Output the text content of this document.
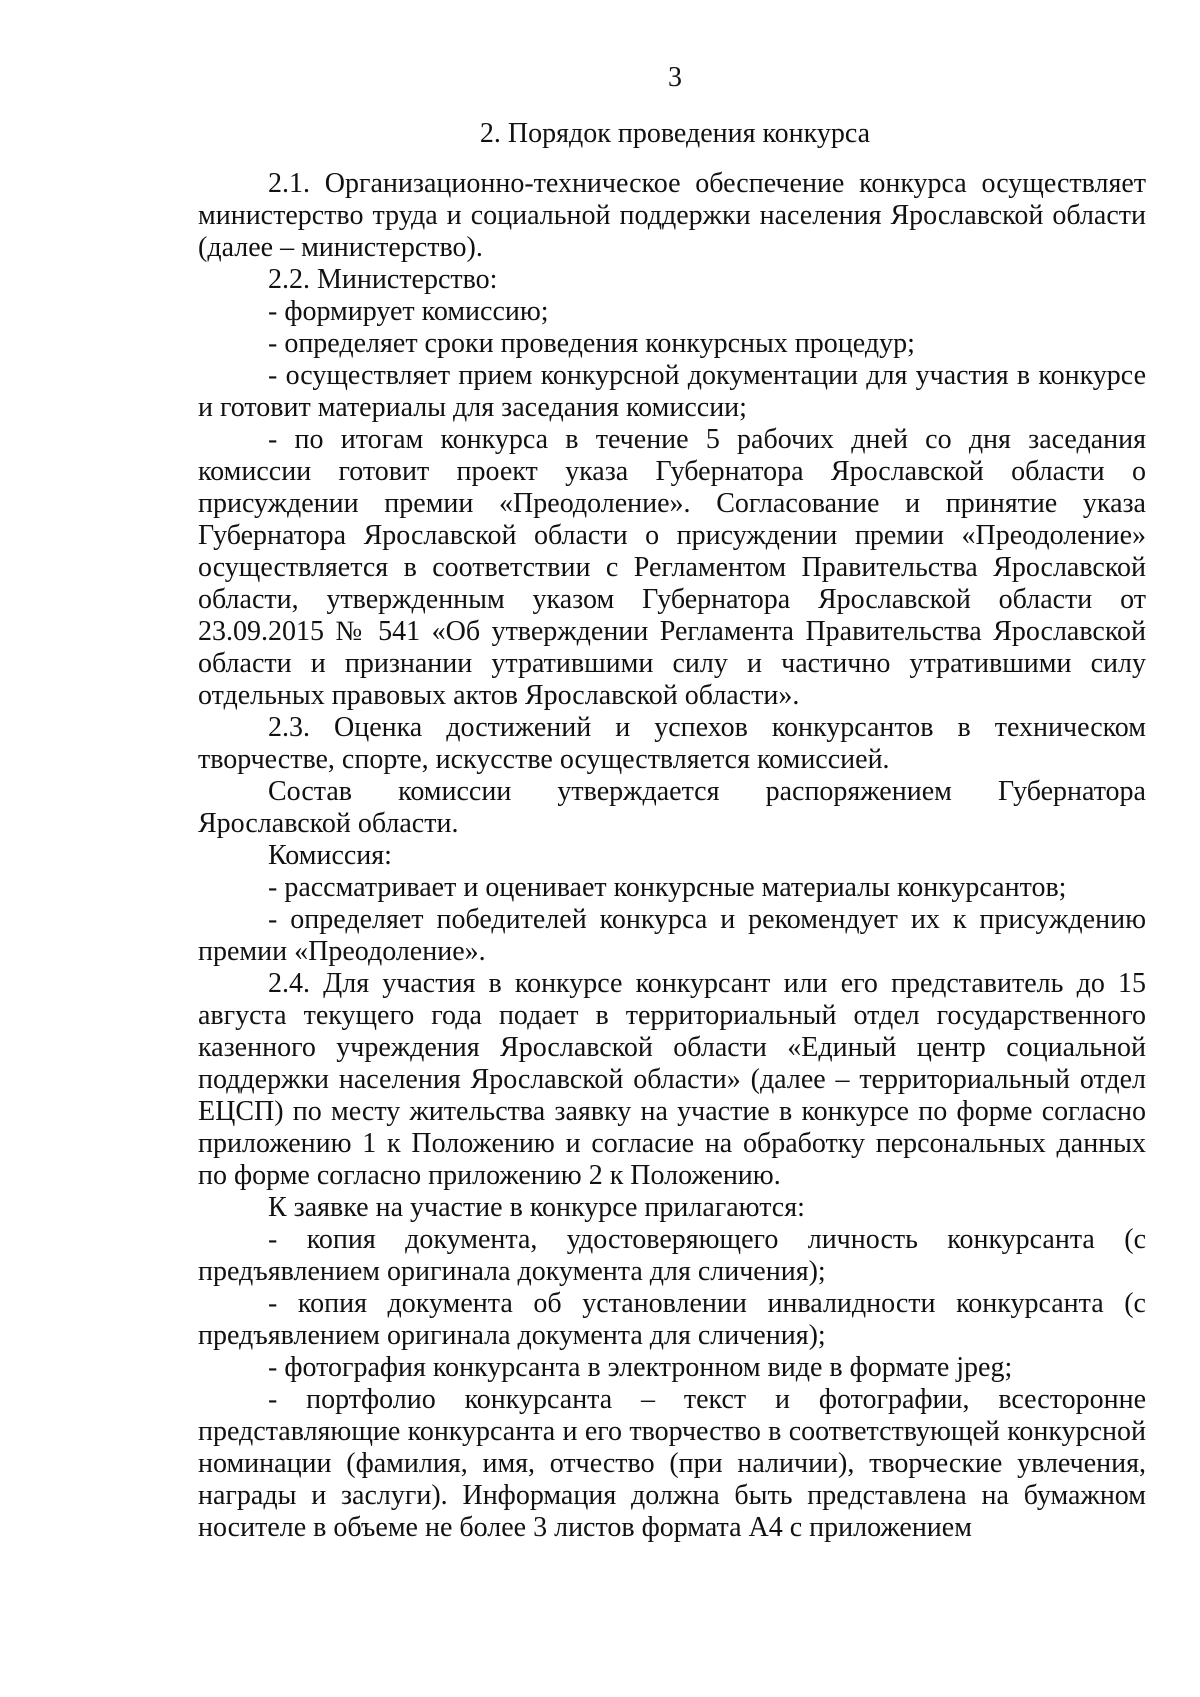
3
2. Порядок проведения конкурса

2.1. Организационно-техническое обеспечение конкурса осуществляет министерство труда и социальной поддержки населения Ярославской области (далее – министерство).

2.2. Министерство:

- формирует комиссию;

- определяет сроки проведения конкурсных процедур;

- осуществляет прием конкурсной документации для участия в конкурсе и готовит материалы для заседания комиссии;

- по итогам конкурса в течение 5 рабочих дней со дня заседания комиссии готовит проект указа Губернатора Ярославской области о присуждении премии «Преодоление». Согласование и принятие указа Губернатора Ярославской области о присуждении премии «Преодоление» осуществляется в соответствии с Регламентом Правительства Ярославской области, утвержденным указом Губернатора Ярославской области от 23.09.2015 № 541 «Об утверждении Регламента Правительства Ярославской области и признании утратившими силу и частично утратившими силу отдельных правовых актов Ярославской области».

2.3. Оценка достижений и успехов конкурсантов в техническом творчестве, спорте, искусстве осуществляется комиссией.

Состав комиссии утверждается распоряжением Губернатора Ярославской области.

Комиссия:

- рассматривает и оценивает конкурсные материалы конкурсантов;

- определяет победителей конкурса и рекомендует их к присуждению премии «Преодоление».

2.4. Для участия в конкурсе конкурсант или его представитель до 15 августа текущего года подает в территориальный отдел государственного казенного учреждения Ярославской области «Единый центр социальной поддержки населения Ярославской области» (далее – территориальный отдел ЕЦСП) по месту жительства заявку на участие в конкурсе по форме согласно приложению 1 к Положению и согласие на обработку персональных данных по форме согласно приложению 2 к Положению.

К заявке на участие в конкурсе прилагаются:

- копия документа, удостоверяющего личность конкурсанта (с предъявлением оригинала документа для сличения);

- копия документа об установлении инвалидности конкурсанта (с предъявлением оригинала документа для сличения);

- фотография конкурсанта в электронном виде в формате jpeg;

- портфолио конкурсанта – текст и фотографии, всесторонне представляющие конкурсанта и его творчество в соответствующей конкурсной номинации (фамилия, имя, отчество (при наличии), творческие увлечения, награды и заслуги). Информация должна быть представлена на бумажном носителе в объеме не более 3 листов формата А4 с приложением
